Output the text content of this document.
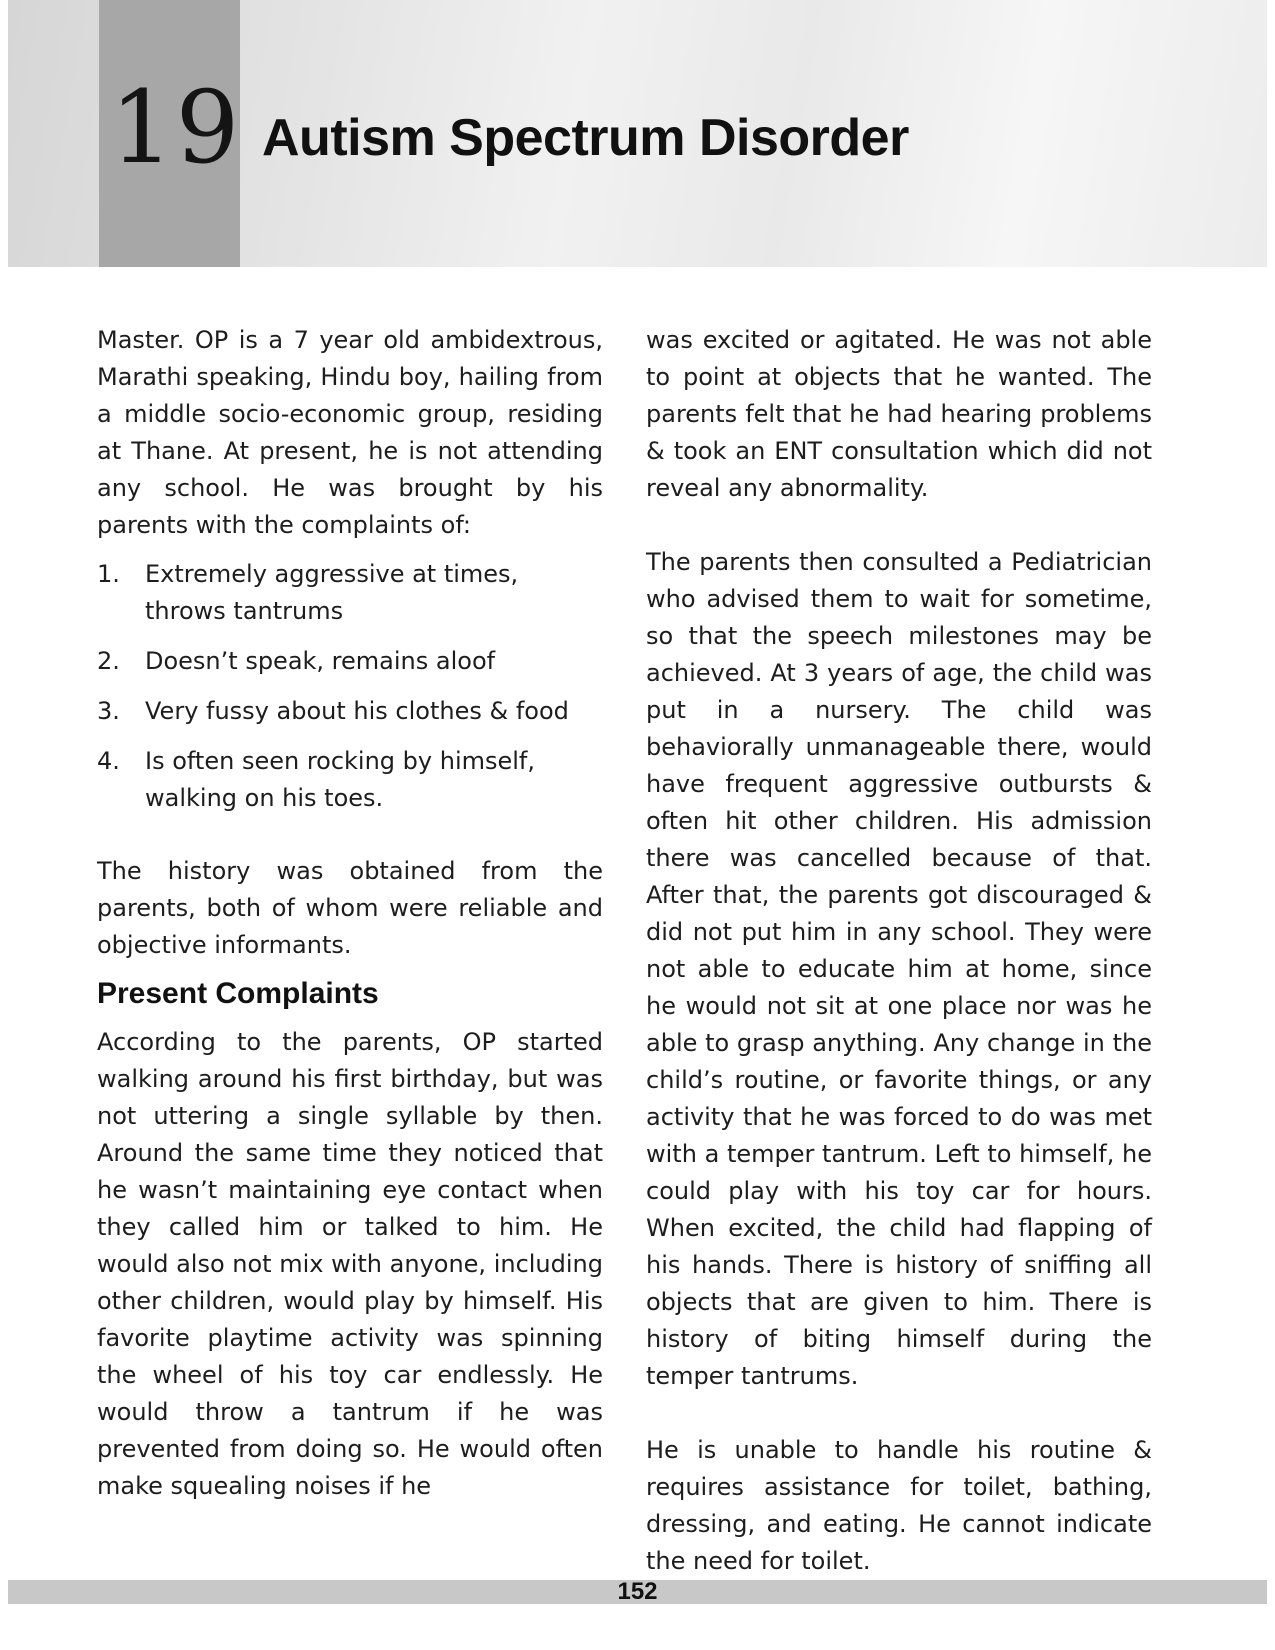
19 Autism Spectrum Disorder

Master. OP is a 7 year old ambidextrous, Marathi speaking, Hindu boy, hailing from a middle socio-economic group, residing at Thane. At present, he is not attending any school. He was brought by his parents with the complaints of:

1.	Extremely aggressive at times, throws tantrums
2.	Doesn’t speak, remains aloof
3.	Very fussy about his clothes & food
4.	Is often seen rocking by himself, walking on his toes.

The history was obtained from the parents, both of whom were reliable and objective informants.

Present Complaints

According to the parents, OP started walking around his first birthday, but was not uttering a single syllable by then. Around the same time they noticed that he wasn’t maintaining eye contact when they called him or talked to him. He would also not mix with anyone, including other children, would play by himself. His favorite playtime activity was spinning the wheel of his toy car endlessly. He would throw a tantrum if he was prevented from doing so. He would often make squealing noises if he

was excited or agitated. He was not able to point at objects that he wanted. The parents felt that he had hearing problems & took an ENT consultation which did not reveal any abnormality.

The parents then consulted a Pediatrician who advised them to wait for sometime, so that the speech milestones may be achieved. At 3 years of age, the child was put in a nursery. The child was behaviorally unmanageable there, would have frequent aggressive outbursts & often hit other children. His admission there was cancelled because of that. After that, the parents got discouraged & did not put him in any school. They were not able to educate him at home, since he would not sit at one place nor was he able to grasp anything. Any change in the child’s routine, or favorite things, or any activity that he was forced to do was met with a temper tantrum. Left to himself, he could play with his toy car for hours. When excited, the child had flapping of his hands. There is history of sniffing all objects that are given to him. There is history of biting himself during the temper tantrums.

He is unable to handle his routine & requires assistance for toilet, bathing, dressing, and eating. He cannot indicate the need for toilet.

152
